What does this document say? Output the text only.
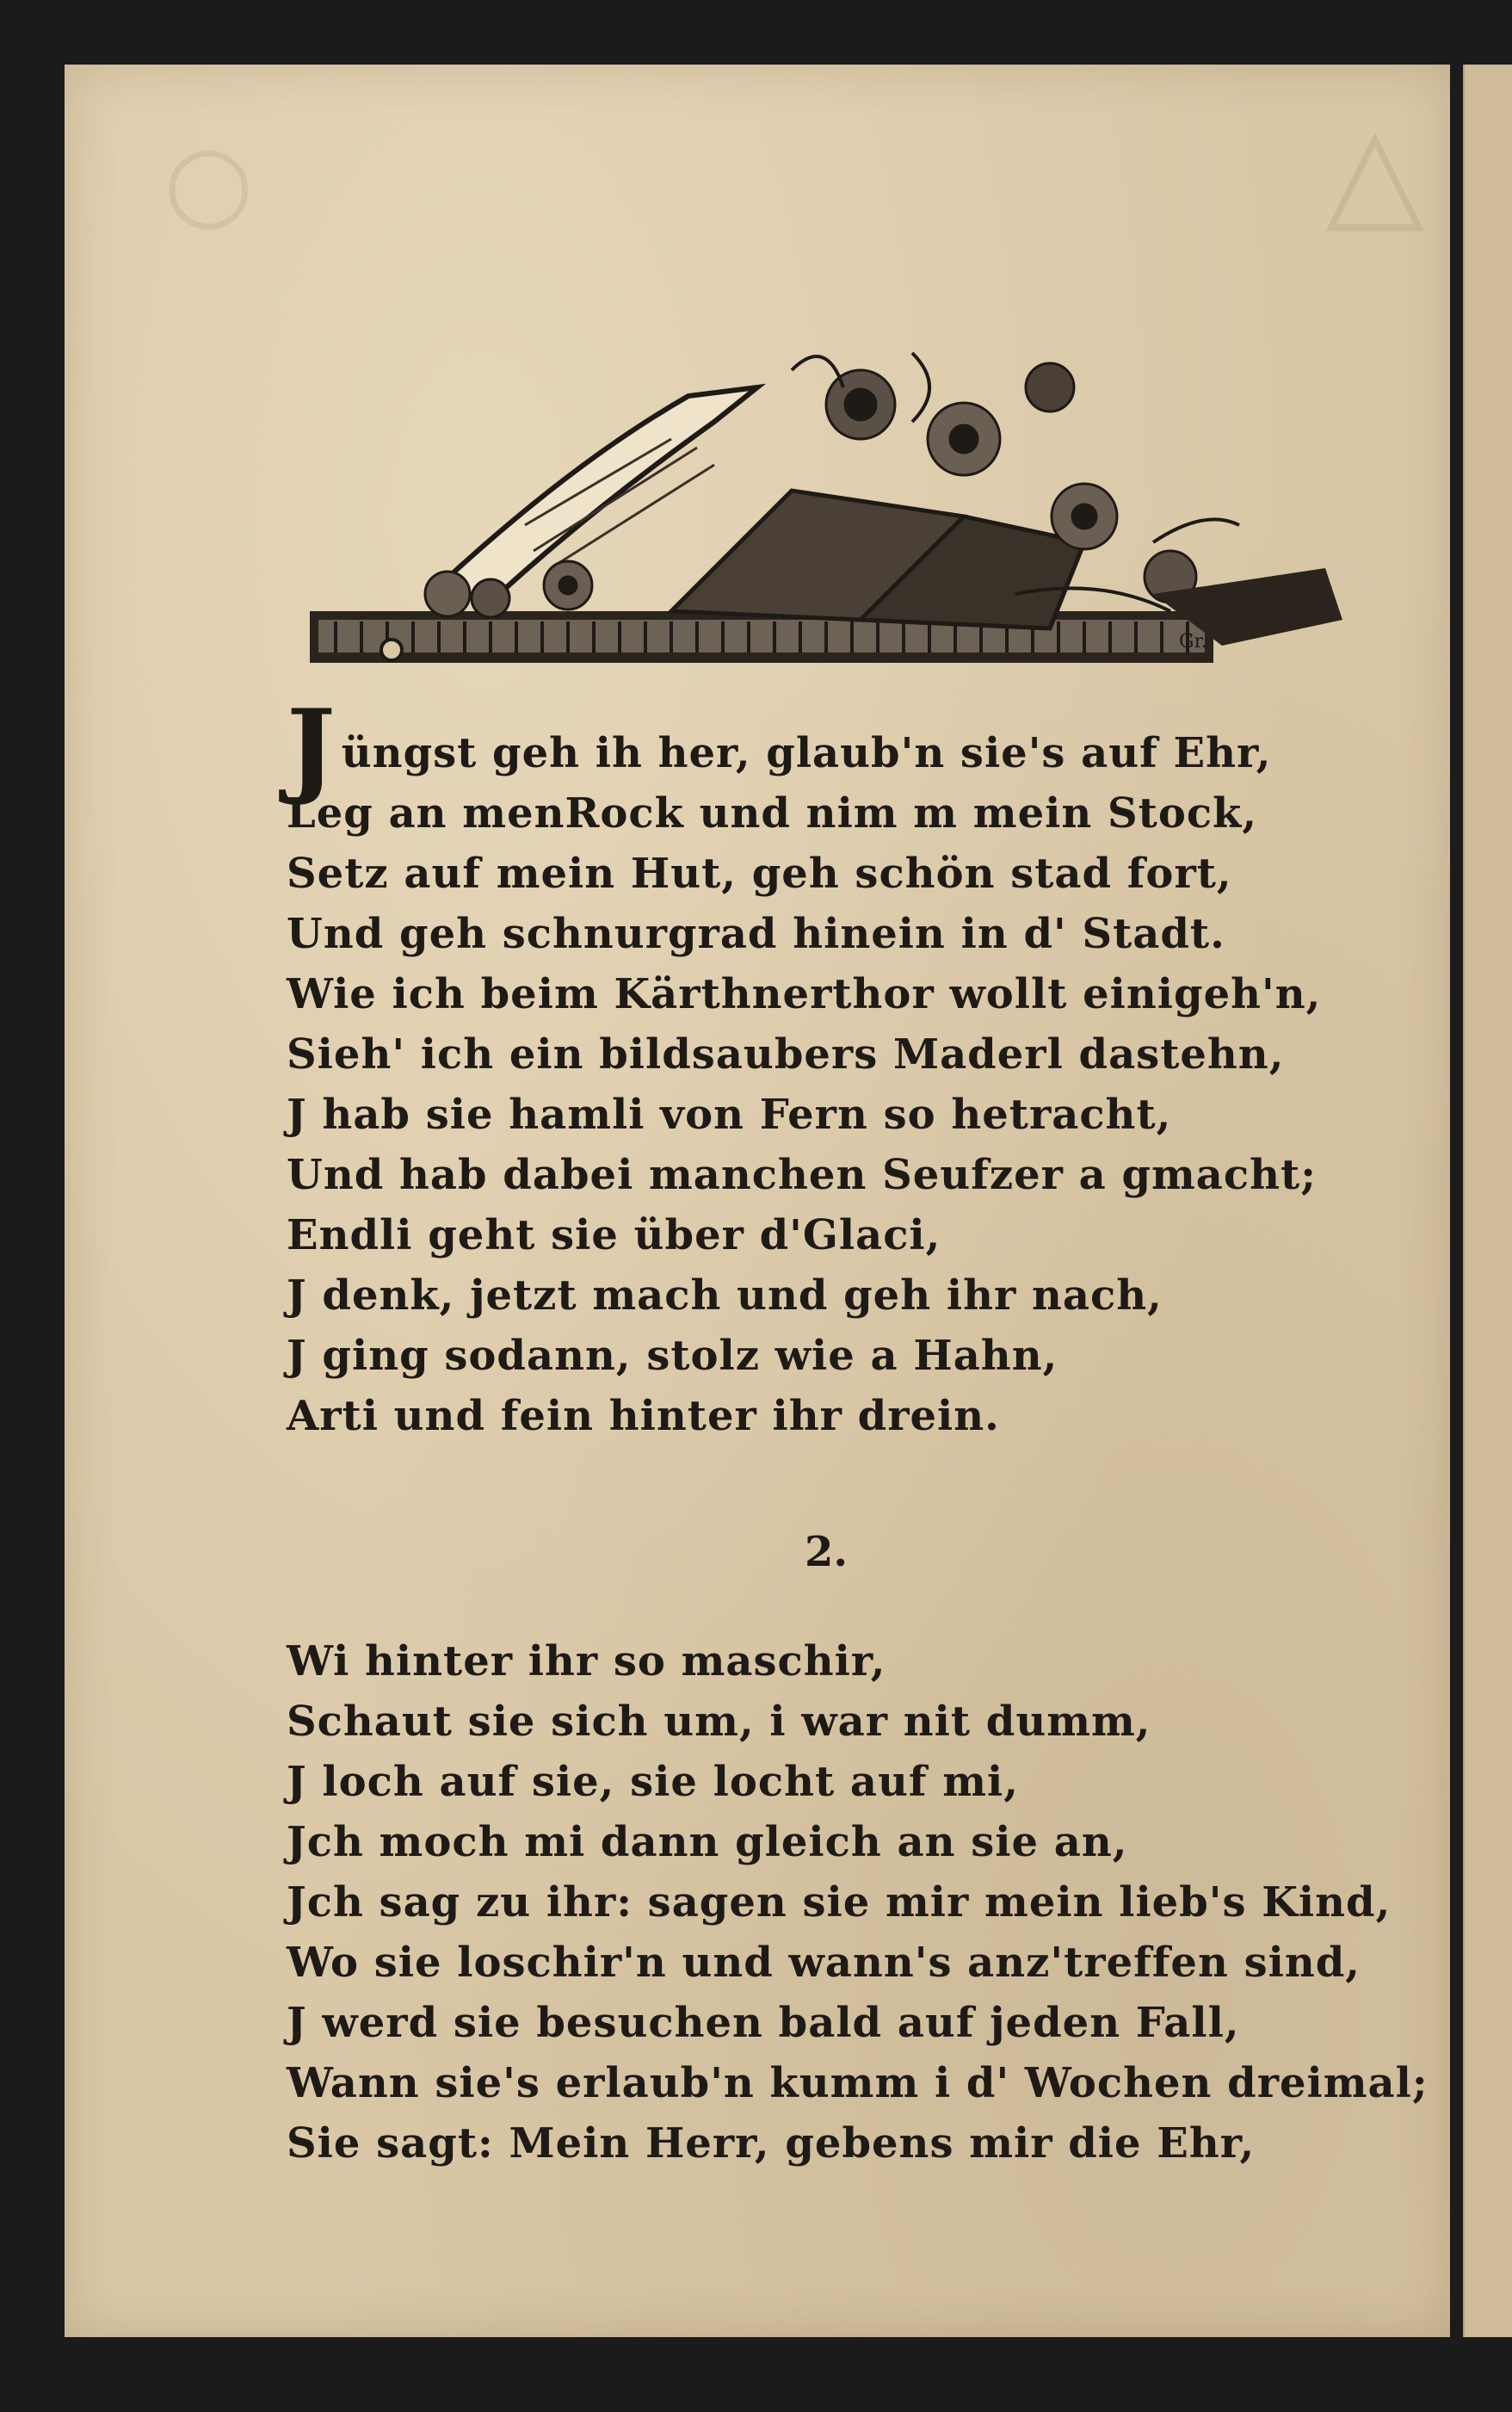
○	△
Gr.
Jüngst geh ih her, glaub'n sie's auf Ehr,
Leg an menRock und nim m mein Stock,
Setz auf mein Hut, geh schön stad fort,
Und geh schnurgrad hinein in d' Stadt.
Wie ich beim Kärthnerthor wollt einigeh'n,
Sieh' ich ein bildsaubers Maderl dastehn,
J hab sie hamli von Fern so hetracht,
Und hab dabei manchen Seufzer a gmacht;
Endli geht sie über d'Glaci,
J denk, jetzt mach und geh ihr nach,
J ging sodann, stolz wie a Hahn,
Arti und fein hinter ihr drein.
2.
Wi hinter ihr so maschir,
Schaut sie sich um, i war nit dumm,
J loch auf sie, sie locht auf mi,
Jch moch mi dann gleich an sie an,
Jch sag zu ihr: sagen sie mir mein lieb's Kind,
Wo sie loschir'n und wann's anz'treffen sind,
J werd sie besuchen bald auf jeden Fall,
Wann sie's erlaub'n kumm i d' Wochen dreimal;
Sie sagt: Mein Herr, gebens mir die Ehr,
